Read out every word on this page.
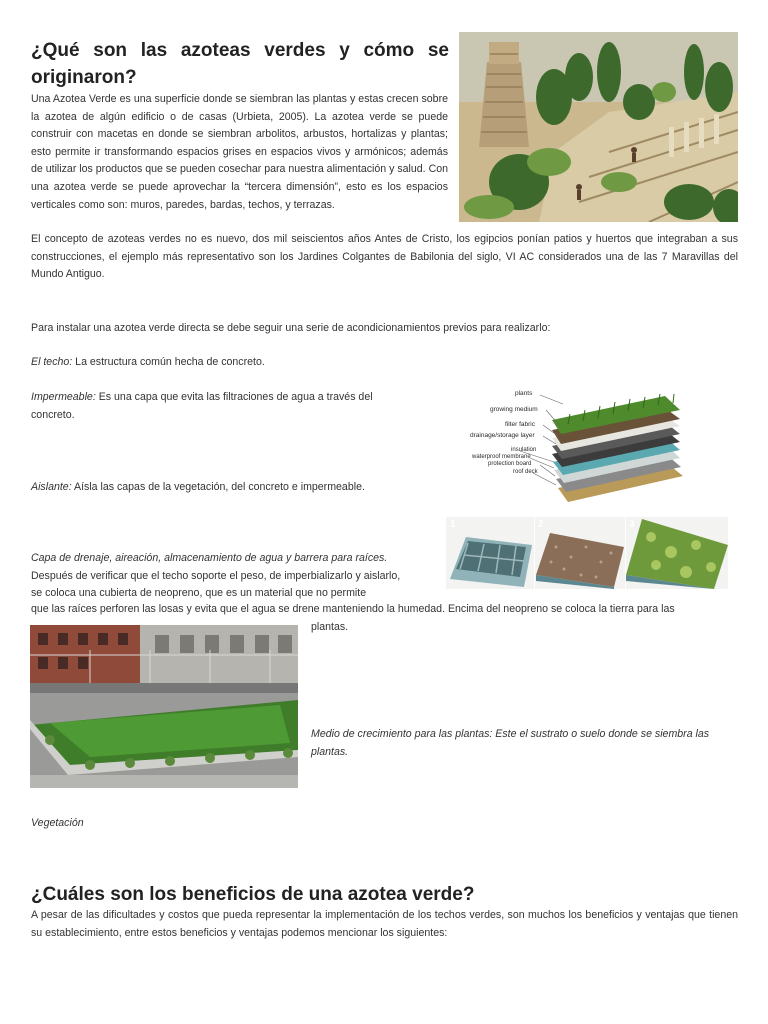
¿Qué son las azoteas verdes y cómo se originaron?
Una Azotea Verde es una superficie donde se siembran las plantas y estas crecen sobre la azotea de algún edificio o de casas (Urbieta, 2005). La azotea verde se puede construir con macetas en donde se siembran arbolitos, arbustos, hortalizas y plantas; esto permite ir transformando espacios grises en espacios vivos y armónicos; además de utilizar los productos que se pueden cosechar para nuestra alimentación y salud. Con una azotea verde se puede aprovechar la “tercera dimensión”, esto es los espacios verticales como son: muros, paredes, bardas, techos, y terrazas.
El concepto de azoteas verdes no es nuevo, dos mil seiscientos años Antes de Cristo, los egipcios ponían patios y huertos que integraban a sus construcciones, el ejemplo más representativo son los Jardines Colgantes de Babilonia del siglo, VI AC considerados una de las 7 Maravillas del Mundo Antiguo.
Para instalar una azotea verde directa se debe seguir una serie de acondicionamientos previos para realizarlo:
El techo: La estructura común hecha de concreto.
Impermeable: Es una capa que evita las filtraciones de agua a través del concreto.
Aislante: Aísla las capas de la vegetación, del concreto e impermeable.
plants
growing medium
filter fabric
drainage/storage layer
insulation
waterproof membrane
protection board
roof deck
1	2	3
Capa de drenaje, aireación, almacenamiento de agua y barrera para raíces. Después de verificar que el techo soporte el peso, de imperbializarlo y aislarlo, se coloca una cubierta de neopreno, que es un material que no permite
que las raíces perforen las losas y evita que el agua se drene manteniendo la humedad. Encima del neopreno se coloca la tierra para las
plantas.
Medio de crecimiento para las plantas: Este el sustrato o suelo donde se siembra las plantas.
Vegetación
¿Cuáles son los beneficios de una azotea verde?
A pesar de las dificultades y costos que pueda representar la implementación de los techos verdes, son muchos los beneficios y ventajas que tienen su establecimiento, entre estos beneficios y ventajas podemos mencionar los siguientes:
